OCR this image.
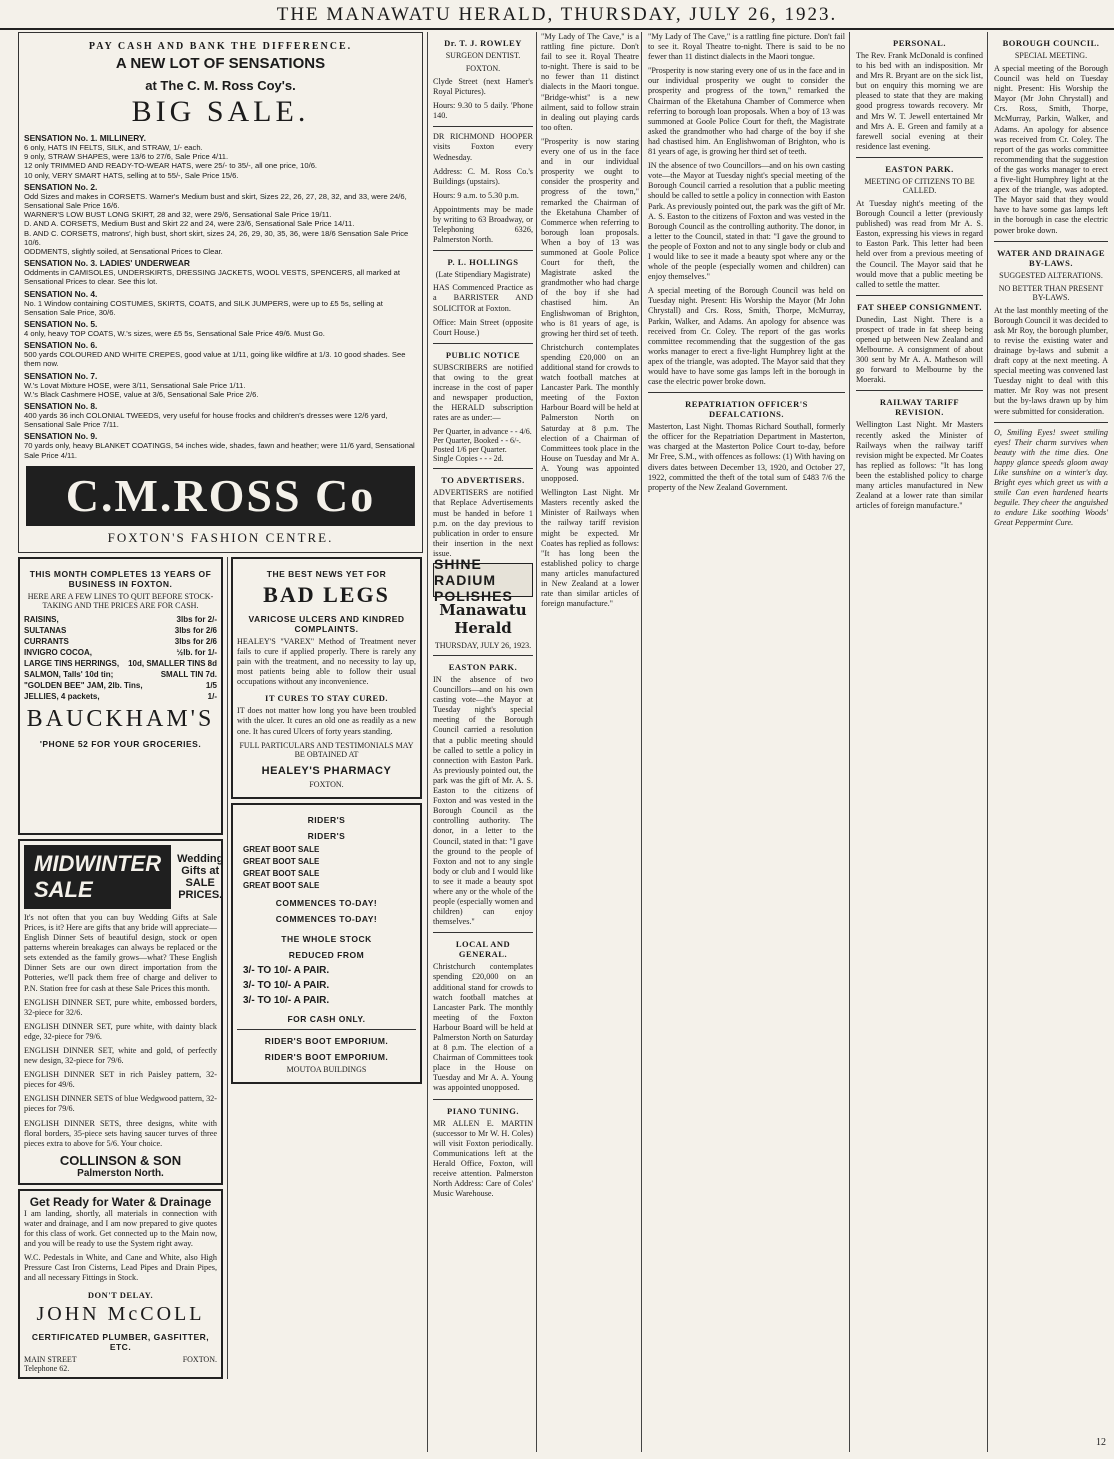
THE MANAWATU HERALD, THURSDAY, JULY 26, 1923.
PAY CASH AND BANK THE DIFFERENCE.
A NEW LOT OF SENSATIONS
at The C. M. Ross Coy's.
BIG SALE.
SENSATION No. 1. MILLINERY.
6 only, HATS IN FELTS, SILK, and STRAW, 1/- each.
9 only, STRAW SHAPES, were 13/6 to 27/6, Sale Price 4/11.
12 only TRIMMED AND READY-TO-WEAR HATS, were 25/- to 35/-, all one price, 10/6.
10 only, VERY SMART HATS, selling at to 55/-, Sale Price 15/6.
SENSATION No. 2.
Odd Sizes and makes in CORSETS. Warner's Medium bust and skirt, Sizes 22, 26, 27, 28, 32, and 33, were 24/6, Sensational Sale Price 16/6.
WARNER'S LOW BUST LONG SKIRT, 28 and 32, were 29/6, Sensational Sale Price 19/11.
D. AND A. CORSETS, Medium Bust and Skirt 22 and 24, were 23/6, Sensational Sale Price 14/11.
B. AND C. CORSETS, matrons', high bust, short skirt, sizes 24, 26, 29, 30, 35, 36, were 18/6 Sensation Sale Price 10/6.
ODDMENTS, slightly soiled, at Sensational Prices to Clear.
SENSATION No. 3. LADIES' UNDERWEAR
Oddments in CAMISOLES, UNDERSKIRTS, DRESSING JACKETS, WOOL VESTS, SPENCERS, all marked at Sensational Prices to clear. See this lot.
SENSATION No. 4.
No. 1 Window containing COSTUMES, SKIRTS, COATS, and SILK JUMPERS, were up to £5 5s, selling at Sensation Sale Price, 30/6.
SENSATION No. 5.
4 only, heavy TOP COATS, W.'s sizes, were £5 5s, Sensational Sale Price 49/6. Must Go.
SENSATION No. 6.
500 yards COLOURED AND WHITE CREPES, good value at 1/11, going like wildfire at 1/3. 10 good shades. See them now.
SENSATION No. 7.
W.'s Lovat Mixture HOSE, were 3/11, Sensational Sale Price 1/11.
W.'s Black Cashmere HOSE, value at 3/6, Sensational Sale Price 2/6.
SENSATION No. 8.
400 yards 36 inch COLONIAL TWEEDS, very useful for house frocks and children's dresses were 12/6 yard, Sensational Sale Price 7/11.
SENSATION No. 9.
70 yards only, heavy BLANKET COATINGS, 54 inches wide, shades, fawn and heather; were 11/6 yard, Sensational Sale Price 4/11.
C.M.ROSS Co
FOXTON'S FASHION CENTRE.
THIS MONTH COMPLETES 13 YEARS OF BUSINESS IN FOXTON.
HERE ARE A FEW LINES TO QUIT BEFORE STOCK-TAKING AND THE PRICES ARE FOR CASH.
RAISINS,	3lbs for 2/-
SULTANAS	3lbs for 2/6
CURRANTS	3lbs for 2/6
INVIGRO COCOA,	½lb. for 1/-
LARGE TINS HERRINGS, 10d, SMALLER TINS 8d
SALMON, Talls' 10d tin;	SMALL TIN 7d.
"GOLDEN BEE" JAM, 2lb. Tins,	1/5
JELLIES, 4 packets,	1/-
BAUCKHAM'S
'PHONE 52 FOR YOUR GROCERIES.
MIDWINTER SALE
Wedding Gifts at SALE PRICES.

It's not often that you can buy Wedding Gifts at Sale Prices, is it? Here are gifts that any bride will appreciate—English Dinner Sets of beautiful design, stock or open patterns wherein breakages can always be replaced or the sets extended as the family grows—what? These English Dinner Sets are our own direct importation from the Potteries, we'll pack them free of charge and deliver to P.N. Station free for cash at these Sale Prices this month.

ENGLISH DINNER SET, pure white, embossed borders, 32-piece for 32/6.

ENGLISH DINNER SET, pure white, with dainty black edge, 32-piece for 79/6.

ENGLISH DINNER SET, white and gold, of perfectly new design, 32-piece for 79/6.

ENGLISH DINNER SET in rich Paisley pattern, 32-pieces for 49/6.

ENGLISH DINNER SETS of blue Wedgwood pattern, 32-pieces for 79/6.

ENGLISH DINNER SETS, three designs, white with floral borders, 35-piece sets having saucer turves of three pieces extra to above for 5/6. Your choice.

COLLINSON & SON
Palmerston North.
Get Ready for Water & Drainage

I am landing, shortly, all materials in connection with water and drainage, and I am now prepared to give quotes for this class of work. Get connected up to the Main now, and you will be ready to use the System right away.

W.C. Pedestals in White, and Cane and White, also High Pressure Cast Iron Cisterns, Lead Pipes and Drain Pipes, and all necessary Fittings in Stock.

DON'T DELAY.
JOHN McCOLL
CERTIFICATED PLUMBER, GASFITTER, ETC.
MAIN STREET	FOXTON.
Telephone 62.
THE BEST NEWS YET FOR
BAD LEGS
VARICOSE ULCERS AND KINDRED COMPLAINTS.

HEALEY'S "VAREX" Method of Treatment never fails to cure if applied properly. There is rarely any pain with the treatment, and no necessity to lay up, most patients being able to follow their usual occupations without any inconvenience.

IT CURES TO STAY CURED.

IT does not matter how long you have been troubled with the ulcer. It cures an old one as readily as a new one. It has cured Ulcers of forty years standing.

FULL PARTICULARS AND TESTIMONIALS MAY BE OBTAINED AT
HEALEY'S PHARMACY
FOXTON.
RIDER'S
RIDER'S
GREAT BOOT SALE
GREAT BOOT SALE
GREAT BOOT SALE
GREAT BOOT SALE
COMMENCES TO-DAY!
COMMENCES TO-DAY!
THE WHOLE STOCK
REDUCED FROM
3/- TO 10/- A PAIR.
3/- TO 10/- A PAIR.
3/- TO 10/- A PAIR.
FOR CASH ONLY.
RIDER'S BOOT EMPORIUM.
RIDER'S BOOT EMPORIUM.
MOUTOA BUILDINGS
Dr. T. J. ROWLEY
SURGEON DENTIST.
FOXTON.

Clyde Street (next Hamer's Royal Pictures).

Hours: 9.30 to 5 daily. 'Phone 140.

DR RICHMOND HOOPER visits Foxton every Wednesday.

Address: C. M. Ross Co.'s Buildings (upstairs).

Hours: 9 a.m. to 5.30 p.m.

Appointments may be made by writing to 63 Broadway, or Telephoning 6326, Palmerston North.

P. L. HOLLINGS
(Late Stipendiary Magistrate)

HAS Commenced Practice as a BARRISTER AND SOLICITOR at Foxton.

Office: Main Street (opposite Court House.)

PUBLIC NOTICE

SUBSCRIBERS are notified that owing to the great increase in the cost of paper and newspaper production, the HERALD subscription rates are as under:—

Per Quarter, in advance - - 4/6.
Per Quarter, Booked - - 6/-.
Posted 1/6 per Quarter.
Single Copies - - - 2d.
TO ADVERTISERS.

ADVERTISERS are notified that Replace Advertisements must be handed in before 1 p.m. on the day previous to publication in order to ensure their insertion in the next issue.

SHINE RADIUM POLISHES
Manawatu Herald
THURSDAY, JULY 26, 1923.
EASTON PARK.

IN the absence of two Councillors—and on his own casting vote—the Mayor at Tuesday night's special meeting of the Borough Council carried a resolution that a public meeting should be called to settle a policy in connection with Easton Park. As previously pointed out, the park was the gift of Mr. A. S. Easton to the citizens of Foxton and was vested in the Borough Council as the controlling authority. The donor, in a letter to the Council, stated in that: "I gave the ground to the people of Foxton and not to any single body or club and I would like to see it made a beauty spot where any or the whole of the people (especially women and children) can enjoy themselves."

LOCAL AND GENERAL.

Christchurch contemplates spending £20,000 on an additional stand for crowds to watch football matches at Lancaster Park. The monthly meeting of the Foxton Harbour Board will be held at Palmerston North on Saturday at 8 p.m. The election of a Chairman of Committees took place in the House on Tuesday and Mr A. A. Young was appointed unopposed.

PIANO TUNING.

MR ALLEN E. MARTIN (successor to Mr W. H. Coles) will visit Foxton periodically. Communications left at the Herald Office, Foxton, will receive attention. Palmerston North Address: Care of Coles' Music Warehouse.

"My Lady of The Cave," is a rattling fine picture. Don't fail to see it. Royal Theatre to-night. There is said to be no fewer than 11 distinct dialects in the Maori tongue. "Bridge-whist" is a new ailment, said to follow strain in dealing out playing cards too often.

"Prosperity is now staring every one of us in the face and in our individual prosperity we ought to consider the prosperity and progress of the town," remarked the Chairman of the Eketahuna Chamber of Commerce when referring to borough loan proposals. When a boy of 13 was summoned at Goole Police Court for theft, the Magistrate asked the grandmother who had charge of the boy if she had chastised him. An Englishwoman of Brighton, who is 81 years of age, is growing her third set of teeth.

Christchurch contemplates spending £20,000 on an additional stand for crowds to watch football matches at Lancaster Park. The monthly meeting of the Foxton Harbour Board will be held at Palmerston North on Saturday at 8 p.m. The election of a Chairman of Committees took place in the House on Tuesday and Mr A. A. Young was appointed unopposed.

Wellington Last Night. Mr Masters recently asked the Minister of Railways when the railway tariff revision might be expected. Mr Coates has replied as follows: "It has long been the established policy to charge many articles manufactured in New Zealand at a lower rate than similar articles of foreign manufacture."

"My Lady of The Cave," is a rattling fine picture. Don't fail to see it. Royal Theatre to-night. There is said to be no fewer than 11 distinct dialects in the Maori tongue.

"Prosperity is now staring every one of us in the face and in our individual prosperity we ought to consider the prosperity and progress of the town," remarked the Chairman of the Eketahuna Chamber of Commerce when referring to borough loan proposals. When a boy of 13 was summoned at Goole Police Court for theft, the Magistrate asked the grandmother who had charge of the boy if she had chastised him. An Englishwoman of Brighton, who is 81 years of age, is growing her third set of teeth.

IN the absence of two Councillors—and on his own casting vote—the Mayor at Tuesday night's special meeting of the Borough Council carried a resolution that a public meeting should be called to settle a policy in connection with Easton Park. As previously pointed out, the park was the gift of Mr. A. S. Easton to the citizens of Foxton and was vested in the Borough Council as the controlling authority. The donor, in a letter to the Council, stated in that: "I gave the ground to the people of Foxton and not to any single body or club and I would like to see it made a beauty spot where any or the whole of the people (especially women and children) can enjoy themselves."

A special meeting of the Borough Council was held on Tuesday night. Present: His Worship the Mayor (Mr John Chrystall) and Crs. Ross, Smith, Thorpe, McMurray, Parkin, Walker, and Adams. An apology for absence was received from Cr. Coley. The report of the gas works committee recommending that the suggestion of the gas works manager to erect a five-light Humphrey light at the apex of the triangle, was adopted. The Mayor said that they would have to have some gas lamps left in the borough in case the electric power broke down.

REPATRIATION OFFICER'S DEFALCATIONS.

Masterton, Last Night. Thomas Richard Southall, formerly the officer for the Repatriation Department in Masterton, was charged at the Masterton Police Court to-day, before Mr Free, S.M., with offences as follows: (1) With having on divers dates between December 13, 1920, and October 27, 1922, committed the theft of the total sum of £483 7/6 the property of the New Zealand Government.

PERSONAL.

The Rev. Frank McDonald is confined to his bed with an indisposition. Mr and Mrs R. Bryant are on the sick list, but on enquiry this morning we are pleased to state that they are making good progress towards recovery. Mr and Mrs W. T. Jewell entertained Mr and Mrs A. E. Green and family at a farewell social evening at their residence last evening.

EASTON PARK.
MEETING OF CITIZENS TO BE CALLED.

At Tuesday night's meeting of the Borough Council a letter (previously published) was read from Mr A. S. Easton, expressing his views in regard to Easton Park. This letter had been held over from a previous meeting of the Council. The Mayor said that he would move that a public meeting be called to settle the matter.

FAT SHEEP CONSIGNMENT.

Dunedin, Last Night. There is a prospect of trade in fat sheep being opened up between New Zealand and Melbourne. A consignment of about 300 sent by Mr A. A. Matheson will go forward to Melbourne by the Moeraki.

RAILWAY TARIFF REVISION.

Wellington Last Night. Mr Masters recently asked the Minister of Railways when the railway tariff revision might be expected. Mr Coates has replied as follows: "It has long been the established policy to charge many articles manufactured in New Zealand at a lower rate than similar articles of foreign manufacture."

BOROUGH COUNCIL.
SPECIAL MEETING.

A special meeting of the Borough Council was held on Tuesday night. Present: His Worship the Mayor (Mr John Chrystall) and Crs. Ross, Smith, Thorpe, McMurray, Parkin, Walker, and Adams. An apology for absence was received from Cr. Coley. The report of the gas works committee recommending that the suggestion of the gas works manager to erect a five-light Humphrey light at the apex of the triangle, was adopted. The Mayor said that they would have to have some gas lamps left in the borough in case the electric power broke down.

WATER AND DRAINAGE BY-LAWS.
SUGGESTED ALTERATIONS.
NO BETTER THAN PRESENT BY-LAWS.

At the last monthly meeting of the Borough Council it was decided to ask Mr Roy, the borough plumber, to revise the existing water and drainage by-laws and submit a draft copy at the next meeting. A special meeting was convened last Tuesday night to deal with this matter. Mr Roy was not present but the by-laws drawn up by him were submitted for consideration.

O, Smiling Eyes! sweet smiling eyes! Their charm survives when beauty with the time dies. One happy glance speeds gloom away Like sunshine on a winter's day. Bright eyes which greet us with a smile Can even hardened hearts beguile. They cheer the anguished to endure Like soothing Woods' Great Peppermint Cure.

12
